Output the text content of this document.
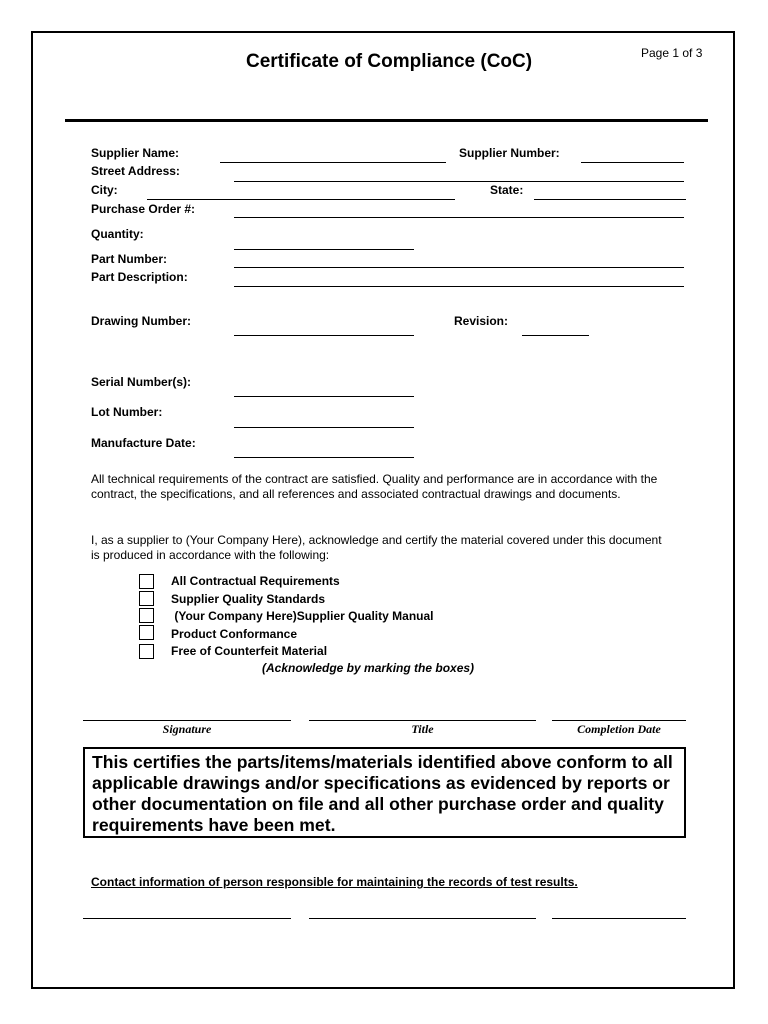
Certificate of Compliance (CoC)	Page 1 of 3
Supplier Name:	Supplier Number:
Street Address:
City:	State:
Purchase Order #:
Quantity:
Part Number:
Part Description:
Drawing Number:	Revision:
Serial Number(s):
Lot Number:
Manufacture Date:
All technical requirements of the contract are satisfied. Quality and performance are in accordance with the contract, the specifications, and all references and associated contractual drawings and documents.
I, as a supplier to (Your Company Here), acknowledge and certify the material covered under this document is produced in accordance with the following:
All Contractual Requirements
Supplier Quality Standards
(Your Company Here)Supplier Quality Manual
Product Conformance
Free of Counterfeit Material
(Acknowledge by marking the boxes)
Signature	Title	Completion Date
This certifies the parts/items/materials identified above conform to all applicable drawings and/or specifications as evidenced by reports or other documentation on file and all other purchase order and quality requirements have been met.
Contact information of person responsible for maintaining the records of test results.
